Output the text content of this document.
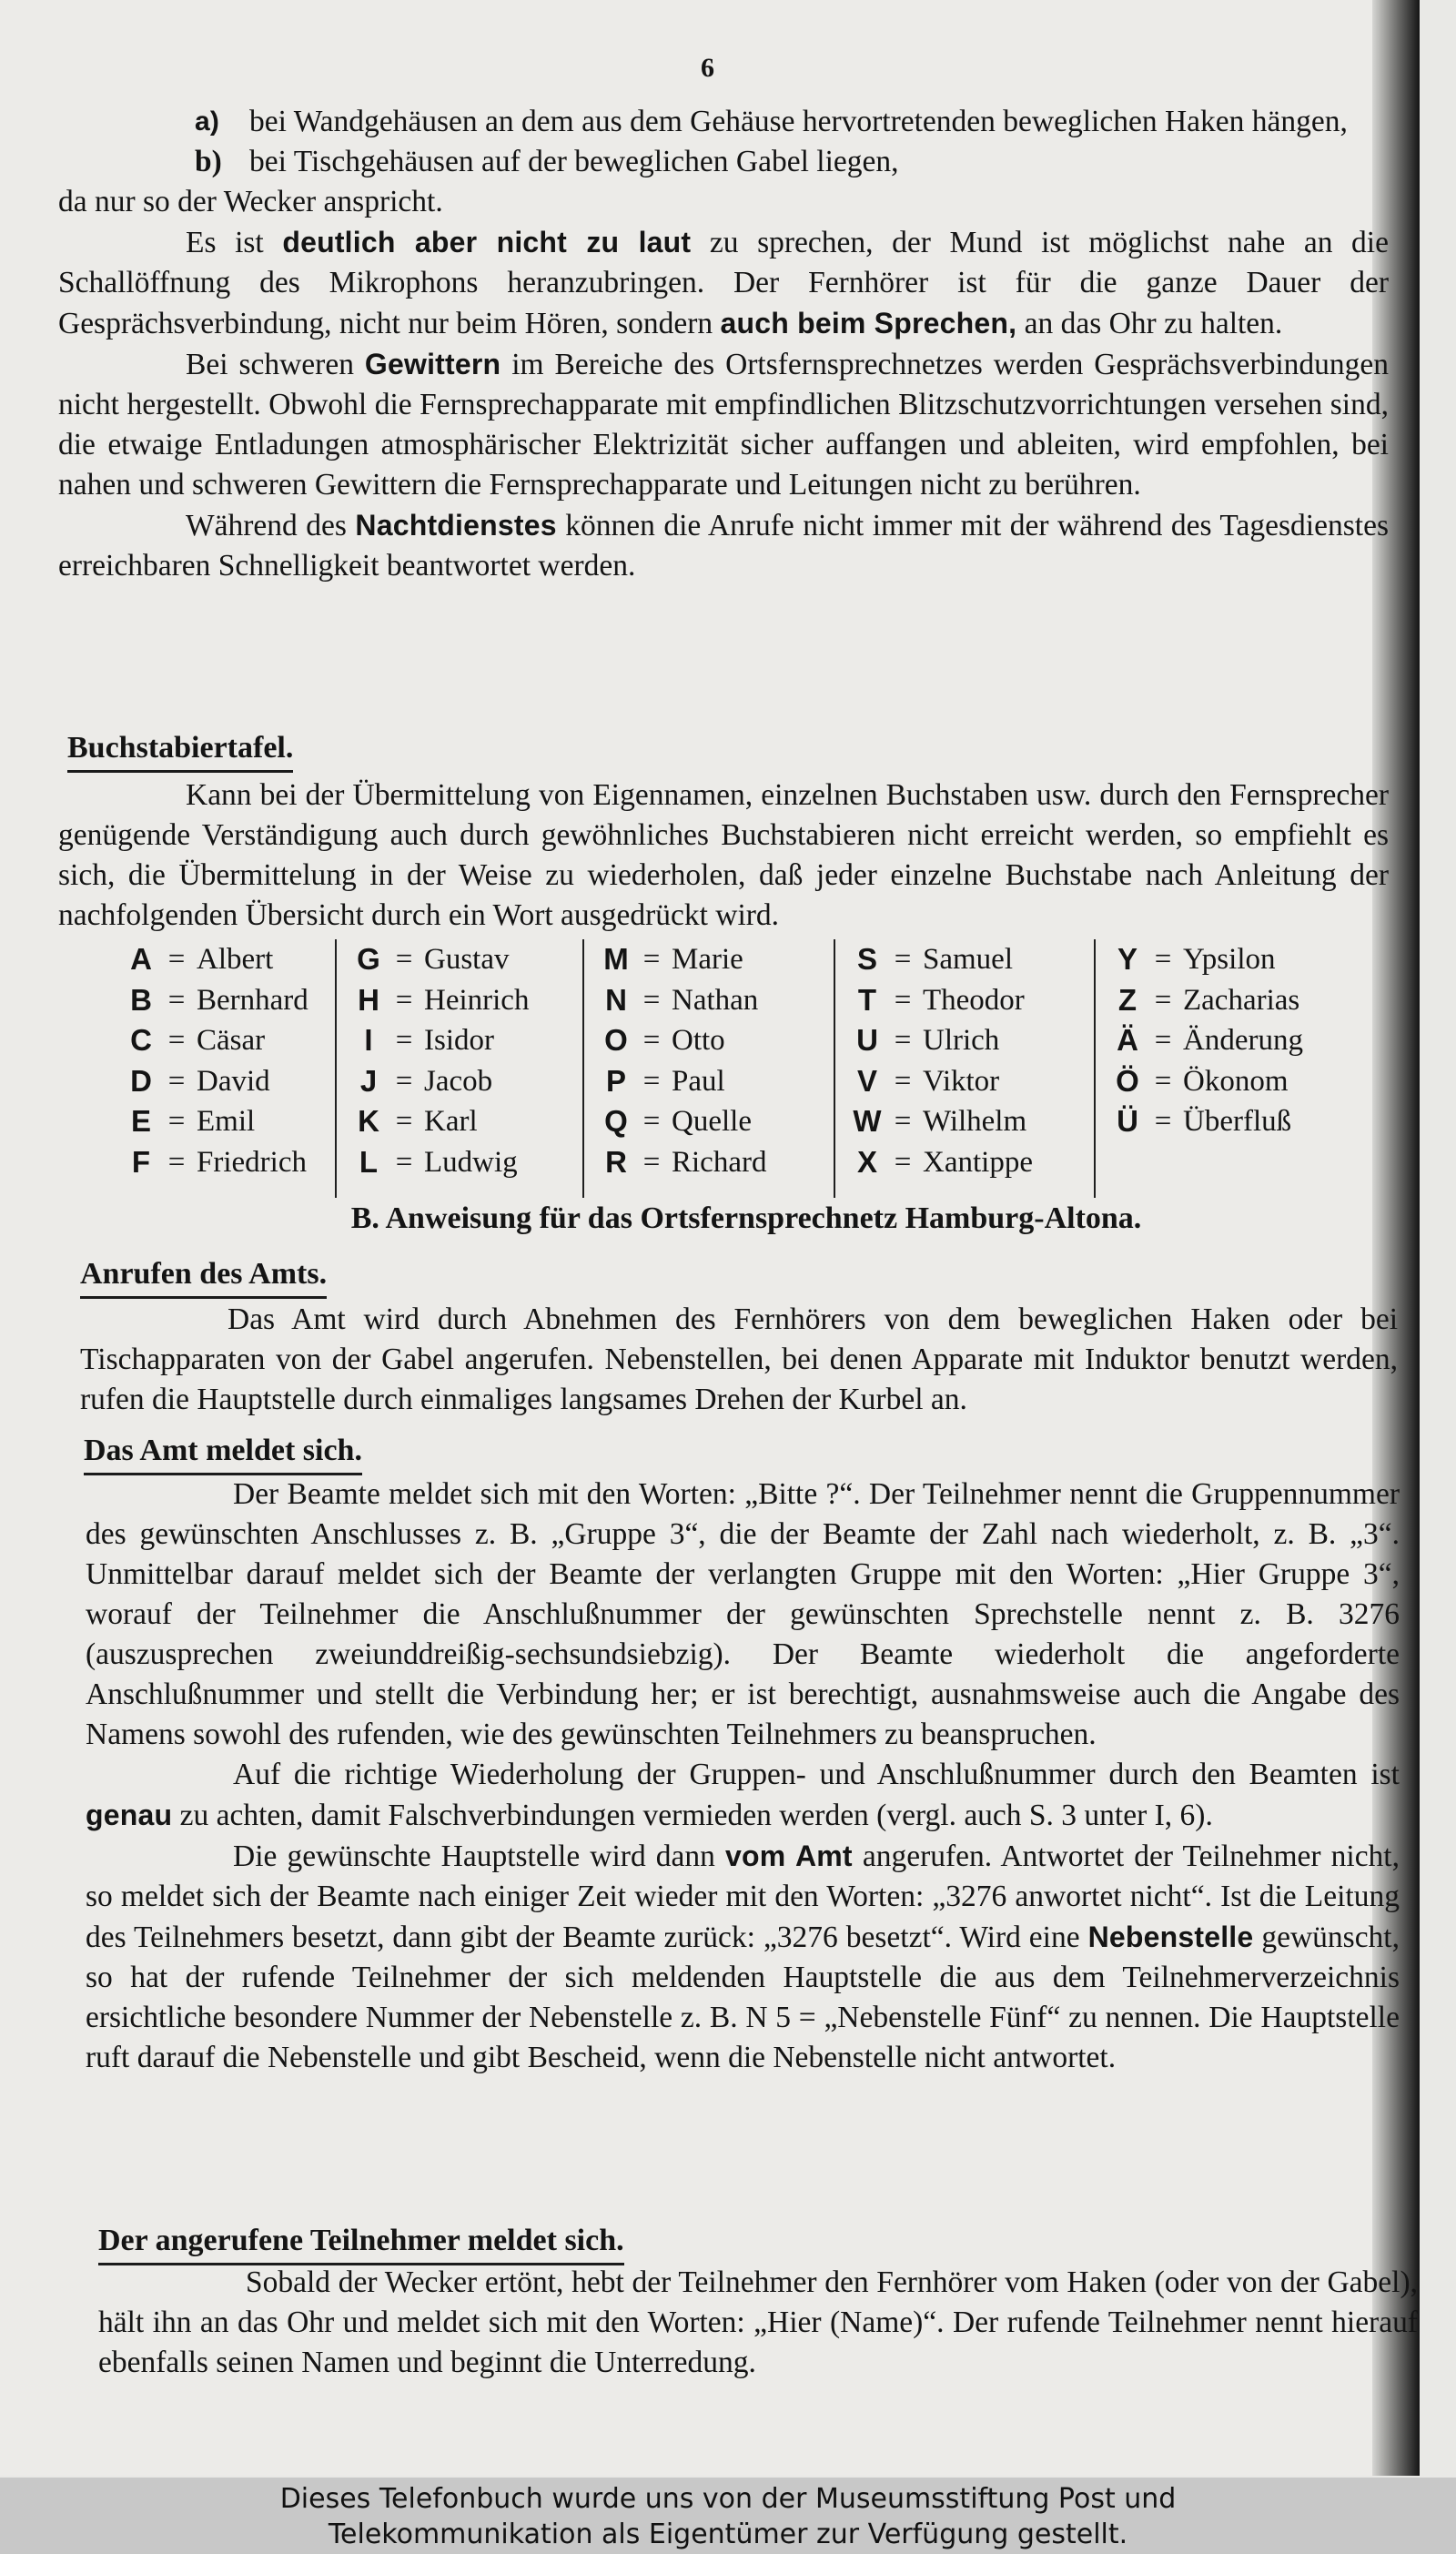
6
a) bei Wandgehäusen an dem aus dem Gehäuse hervortretenden beweglichen Haken hängen,
b) bei Tischgehäusen auf der beweglichen Gabel liegen,

da nur so der Wecker anspricht.

Es ist deutlich aber nicht zu laut zu sprechen, der Mund ist möglichst nahe an die Schallöffnung des Mikrophons heranzubringen. Der Fernhörer ist für die ganze Dauer der Gesprächsverbindung, nicht nur beim Hören, sondern auch beim Sprechen, an das Ohr zu halten.

Bei schweren Gewittern im Bereiche des Ortsfernsprechnetzes werden Gesprächsverbindungen nicht hergestellt. Obwohl die Fernsprechapparate mit empfindlichen Blitzschutzvorrichtungen versehen sind, die etwaige Entladungen atmosphärischer Elektrizität sicher auffangen und ableiten, wird empfohlen, bei nahen und schweren Gewittern die Fernsprechapparate und Leitungen nicht zu berühren.

Während des Nachtdienstes können die Anrufe nicht immer mit der während des Tagesdienstes erreichbaren Schnelligkeit beantwortet werden.

Buchstabiertafel.

Kann bei der Übermittelung von Eigennamen, einzelnen Buchstaben usw. durch den Fernsprecher genügende Verständigung auch durch gewöhnliches Buchstabieren nicht erreicht werden, so empfiehlt es sich, die Übermittelung in der Weise zu wiederholen, daß jeder einzelne Buchstabe nach Anleitung der nachfolgenden Übersicht durch ein Wort ausgedrückt wird.

A = Albert
B = Bernhard
C = Cäsar
D = David
E = Emil
F = Friedrich
G = Gustav
H = Heinrich
I = Isidor
J = Jacob
K = Karl
L = Ludwig
M = Marie
N = Nathan
O = Otto
P = Paul
Q = Quelle
R = Richard
S = Samuel
T = Theodor
U = Ulrich
V = Viktor
W = Wilhelm
X = Xantippe
Y = Ypsilon
Z = Zacharias
Ä = Änderung
Ö = Ökonom
Ü = Überfluß
B. Anweisung für das Ortsfernsprechnetz Hamburg-Altona.
Anrufen des Amts.

Das Amt wird durch Abnehmen des Fernhörers von dem beweglichen Haken oder bei Tischapparaten von der Gabel angerufen. Nebenstellen, bei denen Apparate mit Induktor benutzt werden, rufen die Hauptstelle durch einmaliges langsames Drehen der Kurbel an.

Das Amt meldet sich.

Der Beamte meldet sich mit den Worten: „Bitte ?“. Der Teilnehmer nennt die Gruppennummer des gewünschten Anschlusses z. B. „Gruppe 3“, die der Beamte der Zahl nach wiederholt, z. B. „3“. Unmittelbar darauf meldet sich der Beamte der verlangten Gruppe mit den Worten: „Hier Gruppe 3“, worauf der Teilnehmer die Anschlußnummer der gewünschten Sprechstelle nennt z. B. 3276 (auszusprechen zweiunddreißig-sechsundsiebzig). Der Beamte wiederholt die angeforderte Anschlußnummer und stellt die Verbindung her; er ist berechtigt, ausnahmsweise auch die Angabe des Namens sowohl des rufenden, wie des gewünschten Teilnehmers zu beanspruchen.

Auf die richtige Wiederholung der Gruppen- und Anschlußnummer durch den Beamten ist genau zu achten, damit Falschverbindungen vermieden werden (vergl. auch S. 3 unter I, 6).

Die gewünschte Hauptstelle wird dann vom Amt angerufen. Antwortet der Teilnehmer nicht, so meldet sich der Beamte nach einiger Zeit wieder mit den Worten: „3276 anwortet nicht“. Ist die Leitung des Teilnehmers besetzt, dann gibt der Beamte zurück: „3276 besetzt“. Wird eine Nebenstelle gewünscht, so hat der rufende Teilnehmer der sich meldenden Hauptstelle die aus dem Teilnehmerverzeichnis ersichtliche besondere Nummer der Nebenstelle z. B. N 5 = „Nebenstelle Fünf“ zu nennen. Die Hauptstelle ruft darauf die Nebenstelle und gibt Bescheid, wenn die Nebenstelle nicht antwortet.

Der angerufene Teilnehmer meldet sich.

Sobald der Wecker ertönt, hebt der Teilnehmer den Fernhörer vom Haken (oder von der Gabel), hält ihn an das Ohr und meldet sich mit den Worten: „Hier (Name)“. Der rufende Teilnehmer nennt hierauf ebenfalls seinen Namen und beginnt die Unterredung.

Dieses Telefonbuch wurde uns von der Museumsstiftung Post und
Telekommunikation als Eigentümer zur Verfügung gestellt.
